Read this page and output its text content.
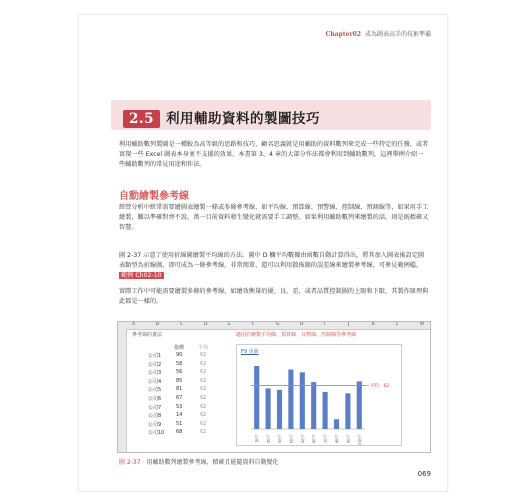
Chapter02 成為圖表高手的技術準備
2.5 利用輔助資料的製圖技巧
利用輔助數列製圖是一種較為高等級的思路和技巧，顧名思義就是用輔助的資料數列來完成一些特定的任務，或者實現一些 Excel 圖表本身並不支援的效果，本書第 3、4 章的大部分作法都會利用到輔助數列，這裡舉例介紹一些輔助數列的常見用途和作法。
自動繪製參考線
經營分析中經常需要繪圖表繪製一條或多條參考線，如平均線、預算線、預警線、控制線、預測線等，如果用手工繪製，難以準確對齊不說，萬一目前資料發生變化就需要手工調整。如果利用輔助數列來繪製的話，則是既精確又智慧。
圖 2-37 示意了使用折線圖繪製平均線的方法。圖中 D 欄平均數據由函數自動計算得出，將其加入圖表後設定圖表類型為折線圖，即可成為一條參考線，非常簡單，還可以利用散佈圖的誤差線來繪製參考線，可參見範例檔。範例 Ch02-10
實際工作中可能需要繪製多條的參考線，如繪效衡量的優、良、差，或者品質控制圖的上限和下限，其製作原理與此都是一樣的。
A	B	C	D	E	F	G	H	I	J	K	L	M
參考線的畫法	適用於繪製平均線、預算線、目標線、控制線等參考線
指標	平均
公司1	90	62
公司2	58	62
公司3	56	62
公司4	85	62
公司5	81	62
公司6	67	62
公司7	53	62
公司8	14	62
公司9	51	62
公司10 68	62
F9 更新
公司1 公司2 公司3 公司4 公司5 公司6 公司7 公司8 公司9 公司10
平均：62
圖 2-37 用輔助數列繪製參考線，精確且能隨資料自動變化
069
